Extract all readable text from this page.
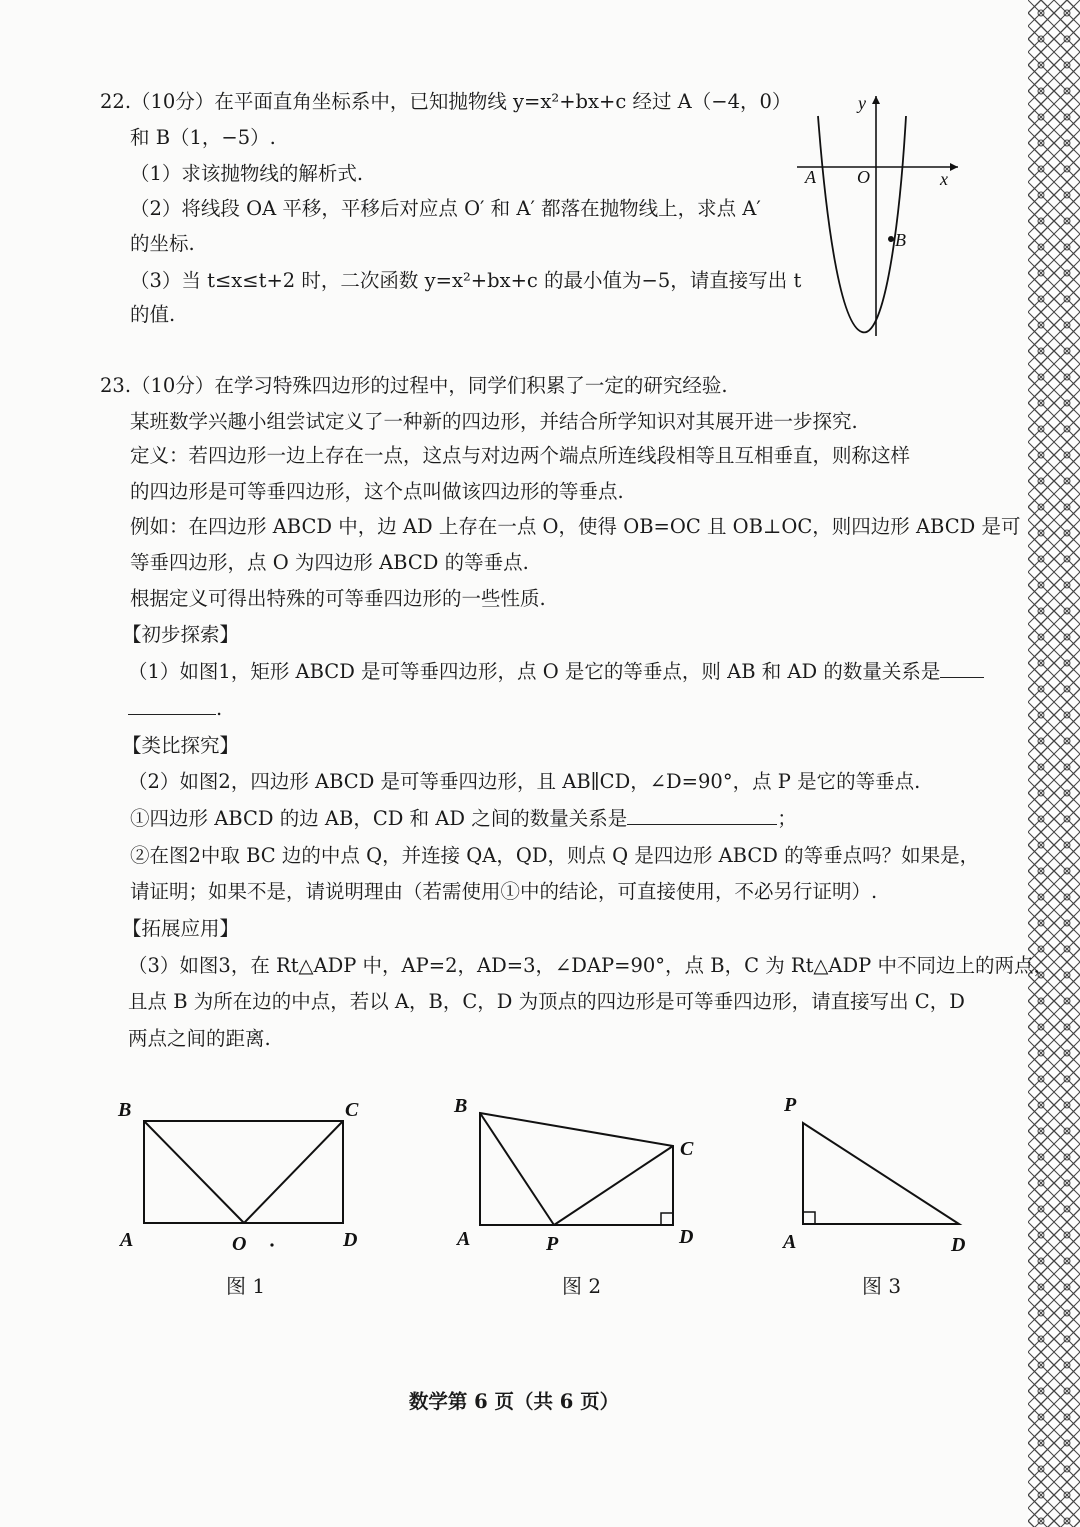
22.（10分）在平面直角坐标系中，已知抛物线 y=x²+bx+c 经过 A（−4，0）
和 B（1，−5）.
（1）求该抛物线的解析式.
（2）将线段 OA 平移，平移后对应点 O′ 和 A′ 都落在抛物线上，求点 A′
的坐标.
（3）当 t≤x≤t+2 时，二次函数 y=x²+bx+c 的最小值为−5，请直接写出 t
的值.
y
x
A O
B
23.（10分）在学习特殊四边形的过程中，同学们积累了一定的研究经验.
某班数学兴趣小组尝试定义了一种新的四边形，并结合所学知识对其展开进一步探究.
定义：若四边形一边上存在一点，这点与对边两个端点所连线段相等且互相垂直，则称这样
的四边形是可等垂四边形，这个点叫做该四边形的等垂点.
例如：在四边形 ABCD 中，边 AD 上存在一点 O，使得 OB=OC 且 OB⊥OC，则四边形 ABCD 是可
等垂四边形，点 O 为四边形 ABCD 的等垂点.
根据定义可得出特殊的可等垂四边形的一些性质.
【初步探索】
（1）如图1，矩形 ABCD 是可等垂四边形，点 O 是它的等垂点，则 AB 和 AD 的数量关系是
.
【类比探究】
（2）如图2，四边形 ABCD 是可等垂四边形，且 AB∥CD，∠D=90°，点 P 是它的等垂点.
①四边形 ABCD 的边 AB，CD 和 AD 之间的数量关系是	；
②在图2中取 BC 边的中点 Q，并连接 QA，QD，则点 Q 是四边形 ABCD 的等垂点吗？如果是，
请证明；如果不是，请说明理由（若需使用①中的结论，可直接使用，不必另行证明）.
【拓展应用】
（3）如图3，在 Rt△ADP 中，AP=2，AD=3，∠DAP=90°，点 B，C 为 Rt△ADP 中不同边上的两点，
且点 B 为所在边的中点，若以 A，B，C，D 为顶点的四边形是可等垂四边形，请直接写出 C，D
两点之间的距离.
B	C
A	O	D
B
C
A	P	D
P
A	D
图 1	图 2	图 3
数学第 6 页（共 6 页）
